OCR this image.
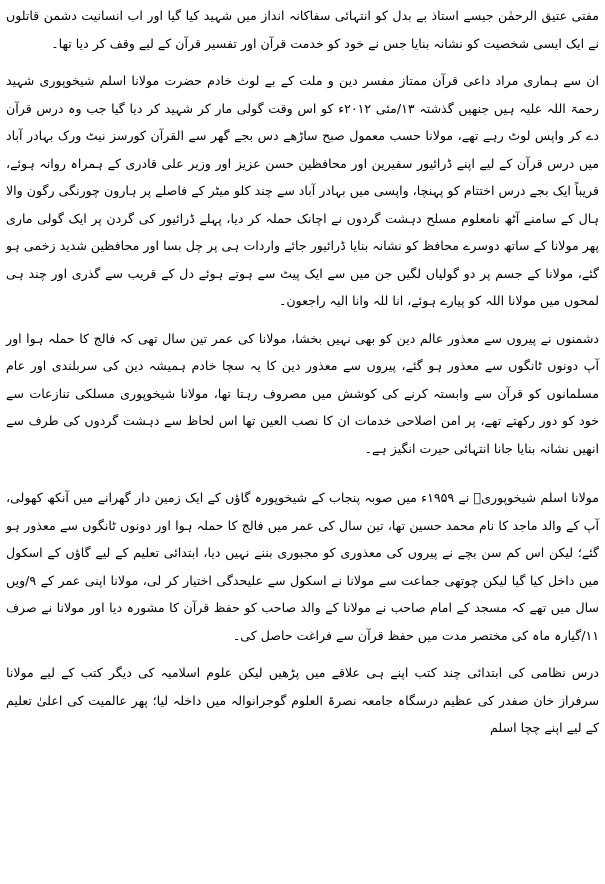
مفتی عتیق الرحمٰن جیسے استاذ بے بدل کو انتہائی سفاکانہ انداز میں شہید کیا گیا اور اب انسانیت دشمن قاتلوں نے ایک ایسی شخصیت کو نشانہ بنایا جس نے خود کو خدمت قرآن اور تفسیر قرآن کے لیے وقف کر دیا تھا۔

ان سے ہماری مراد داعی قرآن ممتاز مفسر دین و ملت کے بے لوث خادم حضرت مولانا اسلم شیخوپوری شہید رحمۃ اللہ علیہ ہیں جنھیں گذشتہ ۱۳/مئی ۲۰۱۲ء کو اس وقت گولی مار کر شہید کر دیا گیا جب وہ درس قرآن دے کر واپس لوٹ رہے تھے، مولانا حسب معمول صبح ساڑھے دس بجے گھر سے القرآن کورسز نیٹ ورک بہادر آباد میں درس قرآن کے لیے اپنے ڈرائیور سفیرین اور محافظین حسن عزیز اور وزیر علی قادری کے ہمراہ روانہ ہوئے، قریباً ایک بجے درس اختتام کو پہنچا، واپسی میں بہادر آباد سے چند کلو میٹر کے فاصلے پر ہارون چورنگی رگون والا ہال کے سامنے آٹھ نامعلوم مسلح دہشت گردوں نے اچانک حملہ کر دیا، پہلے ڈرائیور کی گردن پر ایک گولی ماری پھر مولانا کے ساتھ دوسرے محافظ کو نشانہ بنایا ڈرائیور جائے واردات ہی پر چل بسا اور محافظین شدید زخمی ہو گئے، مولانا کے جسم پر دو گولیاں لگیں جن میں سے ایک پیٹ سے ہوتے ہوئے دل کے قریب سے گذری اور چند ہی لمحوں میں مولانا اللہ کو پیارے ہوئے، انا للہ وانا الیہ راجعون۔

دشمنوں نے پیروں سے معذور عالم دین کو بھی نہیں بخشا، مولانا کی عمر تین سال تھی کہ فالج کا حملہ ہوا اور آپ دونوں ٹانگوں سے معذور ہو گئے، پیروں سے معذور دین کا یہ سچا خادم ہمیشہ دین کی سربلندی اور عام مسلمانوں کو قرآن سے وابستہ کرنے کی کوشش میں مصروف رہتا تھا، مولانا شیخوپوری مسلکی تنازعات سے خود کو دور رکھتے تھے، پر امن اصلاحی خدمات ان کا نصب العین تھا اس لحاظ سے دہشت گردوں کی طرف سے انھیں نشانہ بنایا جانا انتہائی حیرت انگیز ہے۔

مولانا اسلم شیخوپوریؒ نے ۱۹۵۹ء میں صوبہ پنجاب کے شیخوپورہ گاؤں کے ایک زمین دار گھرانے میں آنکھ کھولی، آپ کے والد ماجد کا نام محمد حسین تھا، تین سال کی عمر میں فالج کا حملہ ہوا اور دونوں ٹانگوں سے معذور ہو گئے؛ لیکن اس کم سن بچے نے پیروں کی معذوری کو مجبوری بننے نہیں دیا، ابتدائی تعلیم کے لیے گاؤں کے اسکول میں داخل کیا گیا لیکن چوتھی جماعت سے مولانا نے اسکول سے علیحدگی اختیار کر لی، مولانا اپنی عمر کے ۹/ویں سال میں تھے کہ مسجد کے امام صاحب نے مولانا کے والد صاحب کو حفظ قرآن کا مشورہ دیا اور مولانا نے صرف ۱۱/گیارہ ماہ کی مختصر مدت میں حفظ قرآن سے فراغت حاصل کی۔

درس نظامی کی ابتدائی چند کتب اپنے ہی علاقے میں پڑھیں لیکن علوم اسلامیہ کی دیگر کتب کے لیے مولانا سرفراز خان صفدر کی عظیم درسگاہ جامعہ نصرۃ العلوم گوجرانوالہ میں داخلہ لیا؛ پھر عالمیت کی اعلیٰ تعلیم کے لیے اپنے چچا اسلم
